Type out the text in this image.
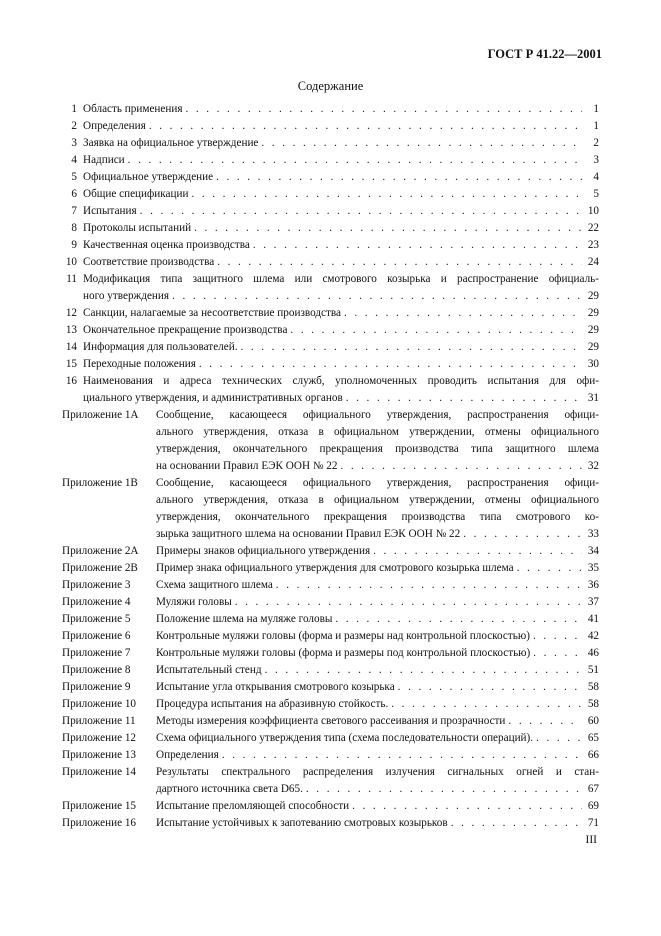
ГОСТ Р 41.22—2001
Содержание
1 Область применения . . .	1
2 Определения . . .	1
3 Заявка на официальное утверждение . . .	2
4 Надписи . . .	3
5 Официальное утверждение . . .	4
6 Общие спецификации . . .	5
7 Испытания . . .	10
8 Протоколы испытаний . . .	22
9 Качественная оценка производства . . .	23
10 Соответствие производства . . .	24
11 Модификация типа защитного шлема или смотрового козырька и распространение официаль-
ного утверждения . . .	29
12 Санкции, налагаемые за несоответствие производства . . .	29
13 Окончательное прекращение производства . . .	29
14 Информация для пользователей. . . .	29
15 Переходные положения . . .	30
16 Наименования и адреса технических служб, уполномоченных проводить испытания для офи-
циального утверждения, и административных органов . . .	31
Приложение 1А	Сообщение, касающееся официального утверждения, распространения офици-
ального утверждения, отказа в официальном утверждении, отмены официального
утверждения, окончательного прекращения производства типа защитного шлема
на основании Правил ЕЭК ООН № 22 . . .	32
Приложение 1В	Сообщение, касающееся официального утверждения, распространения офици-
ального утверждения, отказа в официальном утверждении, отмены официального
утверждения, окончательного прекращения производства типа смотрового ко-
зырька защитного шлема на основании Правил ЕЭК ООН № 22 . . .	33
Приложение 2А	Примеры знаков официального утверждения . . .	34
Приложение 2В	Пример знака официального утверждения для смотрового козырька шлема . . .	35
Приложение 3	Схема защитного шлема . . .	36
Приложение 4	Муляжи головы . . .	37
Приложение 5	Положение шлема на муляже головы . . .	41
Приложение 6	Контрольные муляжи головы (форма и размеры над контрольной плоскостью) . . .	42
Приложение 7	Контрольные муляжи головы (форма и размеры под контрольной плоскостью) . . .	46
Приложение 8	Испытательный стенд . . .	51
Приложение 9	Испытание угла открывания смотрового козырька . . .	58
Приложение 10	Процедура испытания на абразивную стойкость. . . .	58
Приложение 11	Методы измерения коэффициента светового рассеивания и прозрачности . . .	60
Приложение 12	Схема официального утверждения типа (схема последовательности операций). . . .	65
Приложение 13	Определения . . .	66
Приложение 14	Результаты спектрального распределения излучения сигнальных огней и стан-
дартного источника света D65. . . .	67
Приложение 15	Испытание преломляющей способности . . .	69
Приложение 16	Испытание устойчивых к запотеванию смотровых козырьков . . .	71
III
